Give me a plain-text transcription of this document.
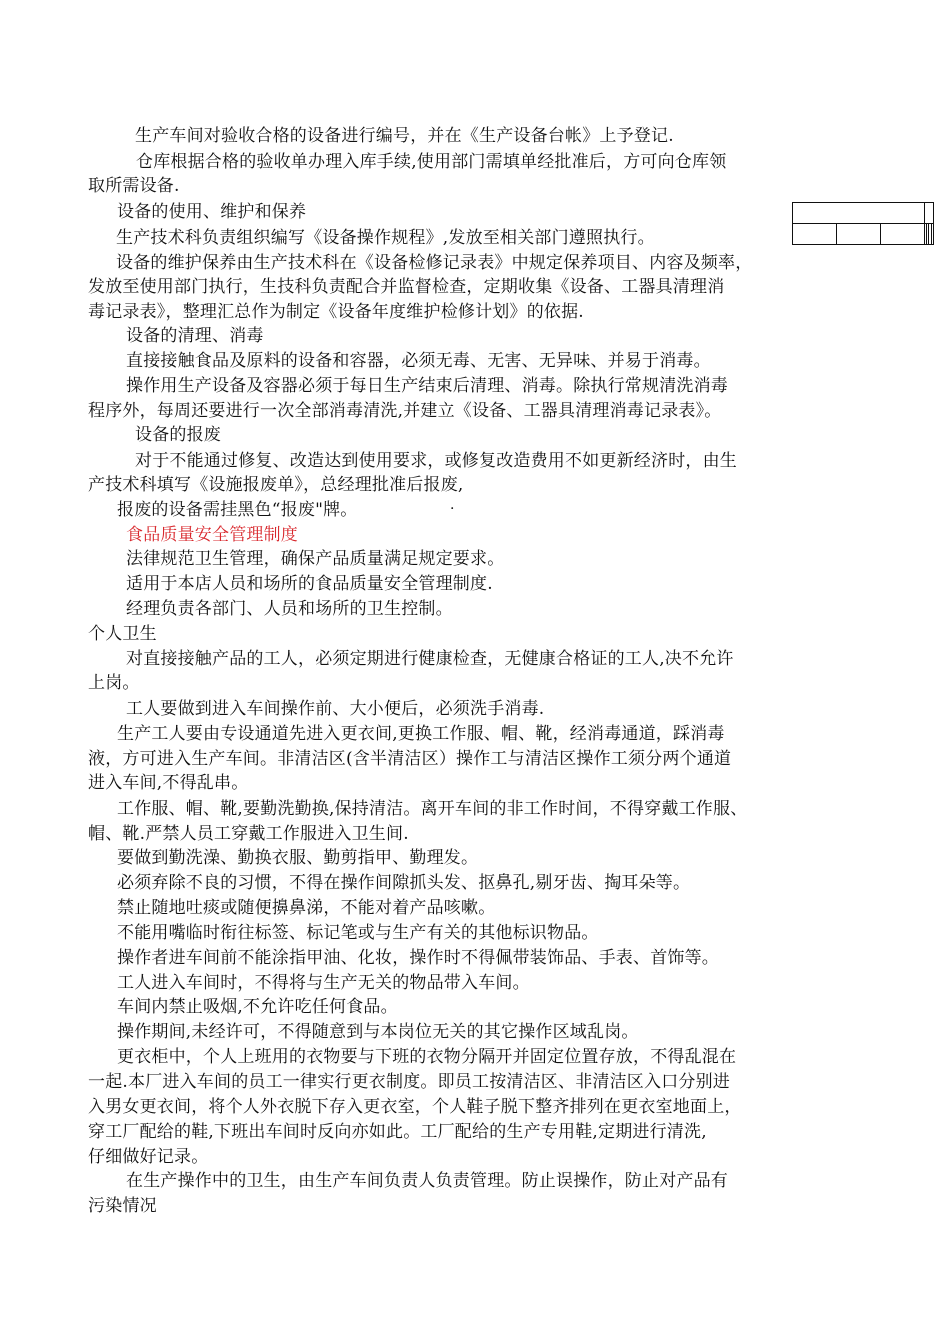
生产车间对验收合格的设备进行编号，并在《生产设备台帐》上予登记.
仓库根据合格的验收单办理入库手续,使用部门需填单经批准后，方可向仓库领
取所需设备.
设备的使用、维护和保养
生产技术科负责组织编写《设备操作规程》,发放至相关部门遵照执行。
设备的维护保养由生产技术科在《设备检修记录表》中规定保养项目、内容及频率，
发放至使用部门执行，生技科负责配合并监督检查，定期收集《设备、工器具清理消
毒记录表》，整理汇总作为制定《设备年度维护检修计划》的依据.
设备的清理、消毒
直接接触食品及原料的设备和容器，必须无毒、无害、无异味、并易于消毒。
操作用生产设备及容器必须于每日生产结束后清理、消毒。除执行常规清洗消毒
程序外，每周还要进行一次全部消毒清洗,并建立《设备、工器具清理消毒记录表》。
设备的报废
对于不能通过修复、改造达到使用要求，或修复改造费用不如更新经济时，由生
产技术科填写《设施报废单》，总经理批准后报废,
报废的设备需挂黑色“报废"牌。
食品质量安全管理制度
法律规范卫生管理，确保产品质量满足规定要求。
适用于本店人员和场所的食品质量安全管理制度.
经理负责各部门、人员和场所的卫生控制。
个人卫生
对直接接触产品的工人，必须定期进行健康检查，无健康合格证的工人,决不允许
上岗。
工人要做到进入车间操作前、大小便后，必须洗手消毒.
生产工人要由专设通道先进入更衣间,更换工作服、帽、靴，经消毒通道，踩消毒
液，方可进入生产车间。非清洁区(含半清洁区）操作工与清洁区操作工须分两个通道
进入车间,不得乱串。
工作服、帽、靴,要勤洗勤换,保持清洁。离开车间的非工作时间，不得穿戴工作服、
帽、靴.严禁人员工穿戴工作服进入卫生间.
要做到勤洗澡、勤换衣服、勤剪指甲、勤理发。
必须弃除不良的习惯，不得在操作间隙抓头发、抠鼻孔,剔牙齿、掏耳朵等。
禁止随地吐痰或随便擤鼻涕，不能对着产品咳嗽。
不能用嘴临时衔往标签、标记笔或与生产有关的其他标识物品。
操作者进车间前不能涂指甲油、化妆，操作时不得佩带装饰品、手表、首饰等。
工人进入车间时，不得将与生产无关的物品带入车间。
车间内禁止吸烟,不允许吃任何食品。
操作期间,未经许可，不得随意到与本岗位无关的其它操作区域乱岗。
更衣柜中，个人上班用的衣物要与下班的衣物分隔开并固定位置存放，不得乱混在
一起.本厂进入车间的员工一律实行更衣制度。即员工按清洁区、非清洁区入口分别进
入男女更衣间，将个人外衣脱下存入更衣室，个人鞋子脱下整齐排列在更衣室地面上，
穿工厂配给的鞋,下班出车间时反向亦如此。工厂配给的生产专用鞋,定期进行清洗,
仔细做好记录。
在生产操作中的卫生，由生产车间负责人负责管理。防止误操作，防止对产品有
污染情况
·
